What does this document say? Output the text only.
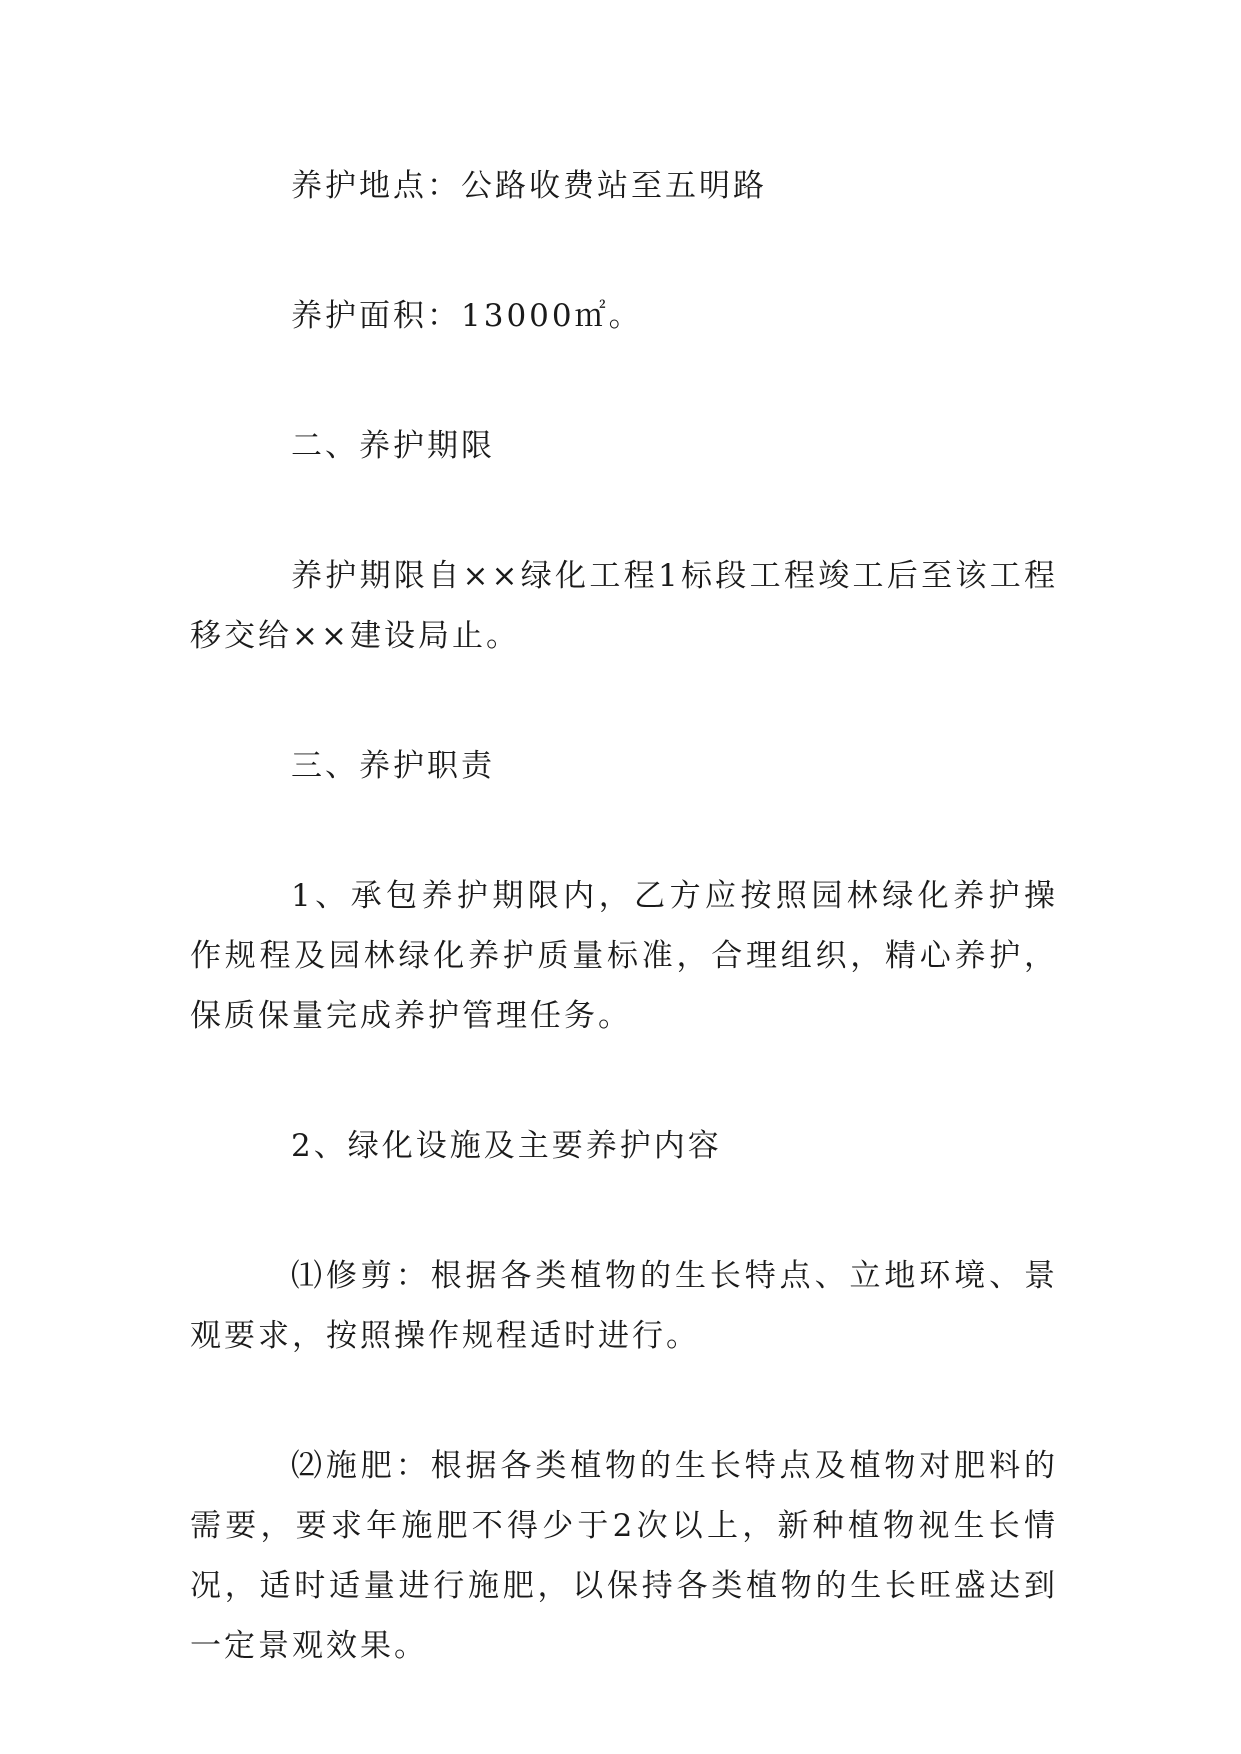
养护地点：公路收费站至五明路

养护面积：13000㎡。

二、养护期限

养护期限自××绿化工程1标段工程竣工后至该工程移交给××建设局止。

三、养护职责

1、承包养护期限内，乙方应按照园林绿化养护操作规程及园林绿化养护质量标准，合理组织，精心养护，保质保量完成养护管理任务。

2、绿化设施及主要养护内容

⑴修剪：根据各类植物的生长特点、立地环境、景观要求，按照操作规程适时进行。

⑵施肥：根据各类植物的生长特点及植物对肥料的需要，要求年施肥不得少于2次以上，新种植物视生长情况，适时适量进行施肥，以保持各类植物的生长旺盛达到一定景观效果。
